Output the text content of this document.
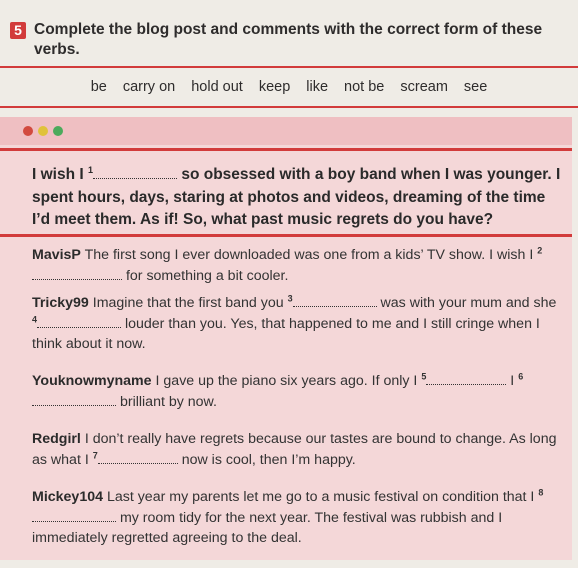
5 Complete the blog post and comments with the correct form of these verbs.
be carry on hold out keep like not be scream see
I wish I $^1$	so obsessed with a boy band when I was younger. I spent hours, days, staring at photos and videos, dreaming of the time I’d meet them. As if! So, what past music regrets do you have?
MavisP The first song I ever downloaded was one from a kids’ TV show. I wish I $^2$ for something a bit cooler.
Tricky99 Imagine that the first band you $^3$	was with your mum and she $^4$	louder than you. Yes, that happened to me and I still cringe when I think about it now.
Youknowmyname I gave up the piano six years ago. If only I $^5$	I $^6$ brilliant by now.
Redgirl I don’t really have regrets because our tastes are bound to change. As long as what I $^7$	now is cool, then I’m happy.
Mickey104 Last year my parents let me go to a music festival on condition that I $^8$ my room tidy for the next year. The festival was rubbish and I immediately regretted agreeing to the deal.
